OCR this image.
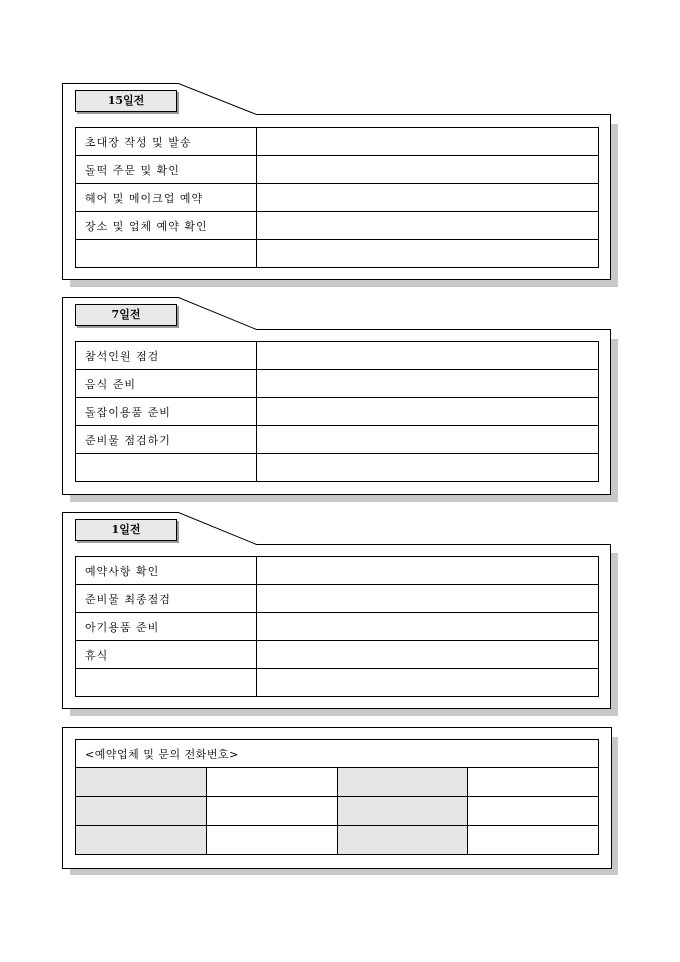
15일전
초대장 작성 및 발송	
돌떡 주문 및 확인	
헤어 및 메이크업 예약	
장소 및 업체 예약 확인	

7일전
참석인원 점검	
음식 준비	
돌잡이용품 준비	
준비물 점검하기	

1일전
예약사항 확인	
준비물 최종점검	
아기용품 준비	
휴식	

<예약업체 및 문의 전화번호>			
